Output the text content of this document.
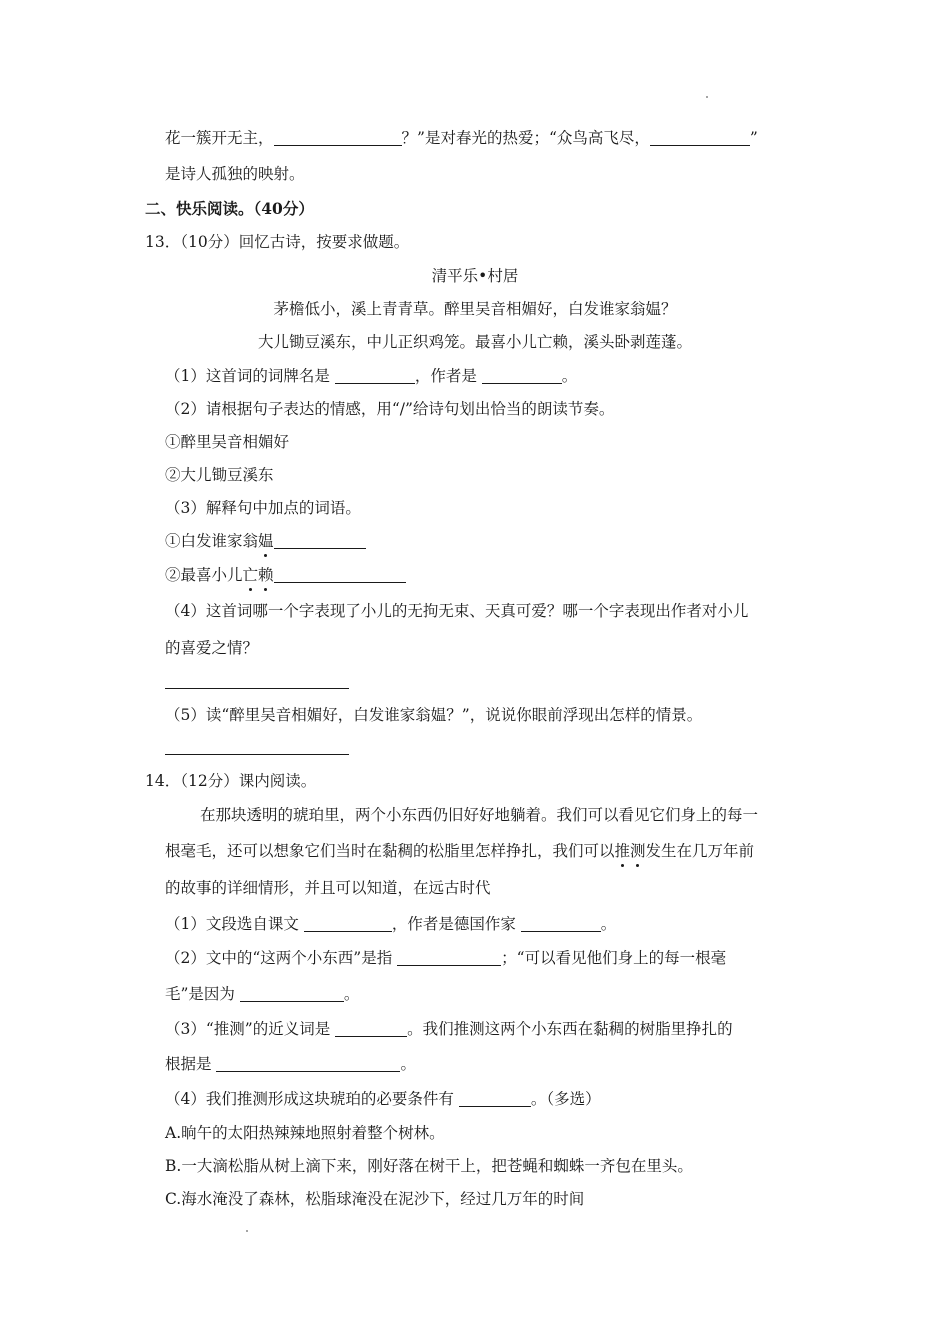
花一簇开无主，	？”是对春光的热爱；“众鸟高飞尽，	”
是诗人孤独的映射。
二、快乐阅读。（40分）
13．（10分）回忆古诗，按要求做题。
清平乐•村居
茅檐低小，溪上青青草。醉里吴音相媚好，白发谁家翁媪？
大儿锄豆溪东，中儿正织鸡笼。最喜小儿亡赖，溪头卧剥莲蓬。
（1）这首词的词牌名是	，作者是	。
（2）请根据句子表达的情感，用“/”给诗句划出恰当的朗读节奏。
①醉里吴音相媚好
②大儿锄豆溪东
（3）解释句中加点的词语。
①白发谁家翁媪
②最喜小儿亡赖
（4）这首词哪一个字表现了小儿的无拘无束、天真可爱？哪一个字表现出作者对小儿
的喜爱之情？
（5）读“醉里吴音相媚好，白发谁家翁媪？”，说说你眼前浮现出怎样的情景。
14．（12分）课内阅读。
在那块透明的琥珀里，两个小东西仍旧好好地躺着。我们可以看见它们身上的每一
根毫毛，还可以想象它们当时在黏稠的松脂里怎样挣扎，我们可以推测发生在几万年前
的故事的详细情形，并且可以知道，在远古时代
（1）文段选自课文	，作者是德国作家	。
（2）文中的“这两个小东西”是指	；“可以看见他们身上的每一根毫
毛”是因为	。
（3）“推测”的近义词是	。我们推测这两个小东西在黏稠的树脂里挣扎的
根据是	。
（4）我们推测形成这块琥珀的必要条件有	。（多选）
A.晌午的太阳热辣辣地照射着整个树林。
B.一大滴松脂从树上滴下来，刚好落在树干上，把苍蝇和蜘蛛一齐包在里头。
C.海水淹没了森林，松脂球淹没在泥沙下，经过几万年的时间
